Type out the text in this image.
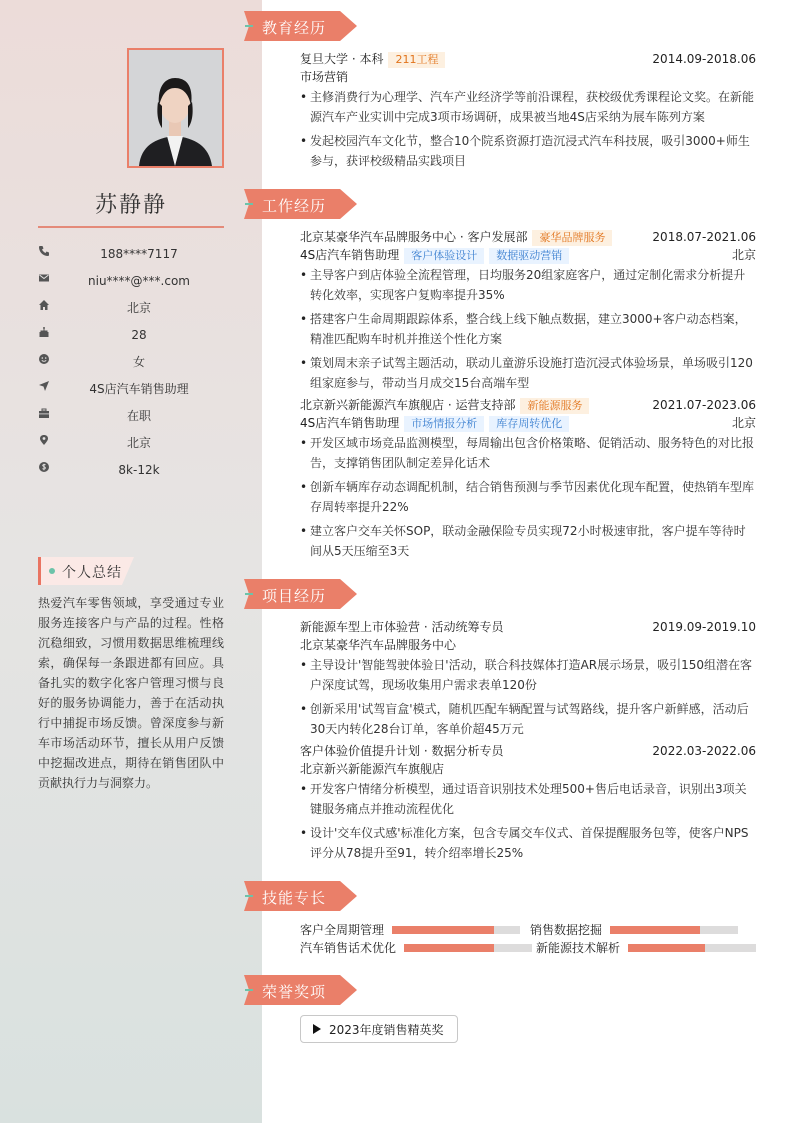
苏静静
188****7117
niu****@***.com
北京
28
女
4S店汽车销售助理
在职
北京
8k-12k
个人总结
热爱汽车零售领域，享受通过专业服务连接客户与产品的过程。性格沉稳细致，习惯用数据思维梳理线索，确保每一条跟进都有回应。具备扎实的数字化客户管理习惯与良好的服务协调能力，善于在活动执行中捕捉市场反馈。曾深度参与新车市场活动环节，擅长从用户反馈中挖掘改进点，期待在销售团队中贡献执行力与洞察力。
教育经历
复旦大学 · 本科	211工程	2014.09-2018.06
市场营销
• 主修消费行为心理学、汽车产业经济学等前沿课程，获校级优秀课程论文奖。在新能源汽车产业实训中完成3项市场调研，成果被当地4S店采纳为展车陈列方案
• 发起校园汽车文化节，整合10个院系资源打造沉浸式汽车科技展，吸引3000+师生参与，获评校级精品实践项目
工作经历
北京某豪华汽车品牌服务中心 · 客户发展部	豪华品牌服务	2018.07-2021.06
4S店汽车销售助理	客户体验设计	数据驱动营销	北京
• 主导客户到店体验全流程管理，日均服务20组家庭客户，通过定制化需求分析提升转化效率，实现客户复购率提升35%
• 搭建客户生命周期跟踪体系，整合线上线下触点数据，建立3000+客户动态档案，精准匹配购车时机并推送个性化方案
• 策划周末亲子试驾主题活动，联动儿童游乐设施打造沉浸式体验场景，单场吸引120组家庭参与，带动当月成交15台高端车型
北京新兴新能源汽车旗舰店 · 运营支持部	新能源服务	2021.07-2023.06
4S店汽车销售助理	市场情报分析	库存周转优化	北京
• 开发区域市场竞品监测模型，每周输出包含价格策略、促销活动、服务特色的对比报告，支撑销售团队制定差异化话术
• 创新车辆库存动态调配机制，结合销售预测与季节因素优化现车配置，使热销车型库存周转率提升22%
• 建立客户交车关怀SOP，联动金融保险专员实现72小时极速审批，客户提车等待时间从5天压缩至3天
项目经历
新能源车型上市体验营 · 活动统筹专员	2019.09-2019.10
北京某豪华汽车品牌服务中心
• 主导设计'智能驾驶体验日'活动，联合科技媒体打造AR展示场景，吸引150组潜在客户深度试驾，现场收集用户需求表单120份
• 创新采用'试驾盲盒'模式，随机匹配车辆配置与试驾路线，提升客户新鲜感，活动后30天内转化28台订单，客单价超45万元
客户体验价值提升计划 · 数据分析专员	2022.03-2022.06
北京新兴新能源汽车旗舰店
• 开发客户情绪分析模型，通过语音识别技术处理500+售后电话录音，识别出3项关键服务痛点并推动流程优化
• 设计'交车仪式感'标准化方案，包含专属交车仪式、首保提醒服务包等，使客户NPS评分从78提升至91，转介绍率增长25%
技能专长
客户全周期管理	销售数据挖掘
汽车销售话术优化	新能源技术解析
荣誉奖项
2023年度销售精英奖
